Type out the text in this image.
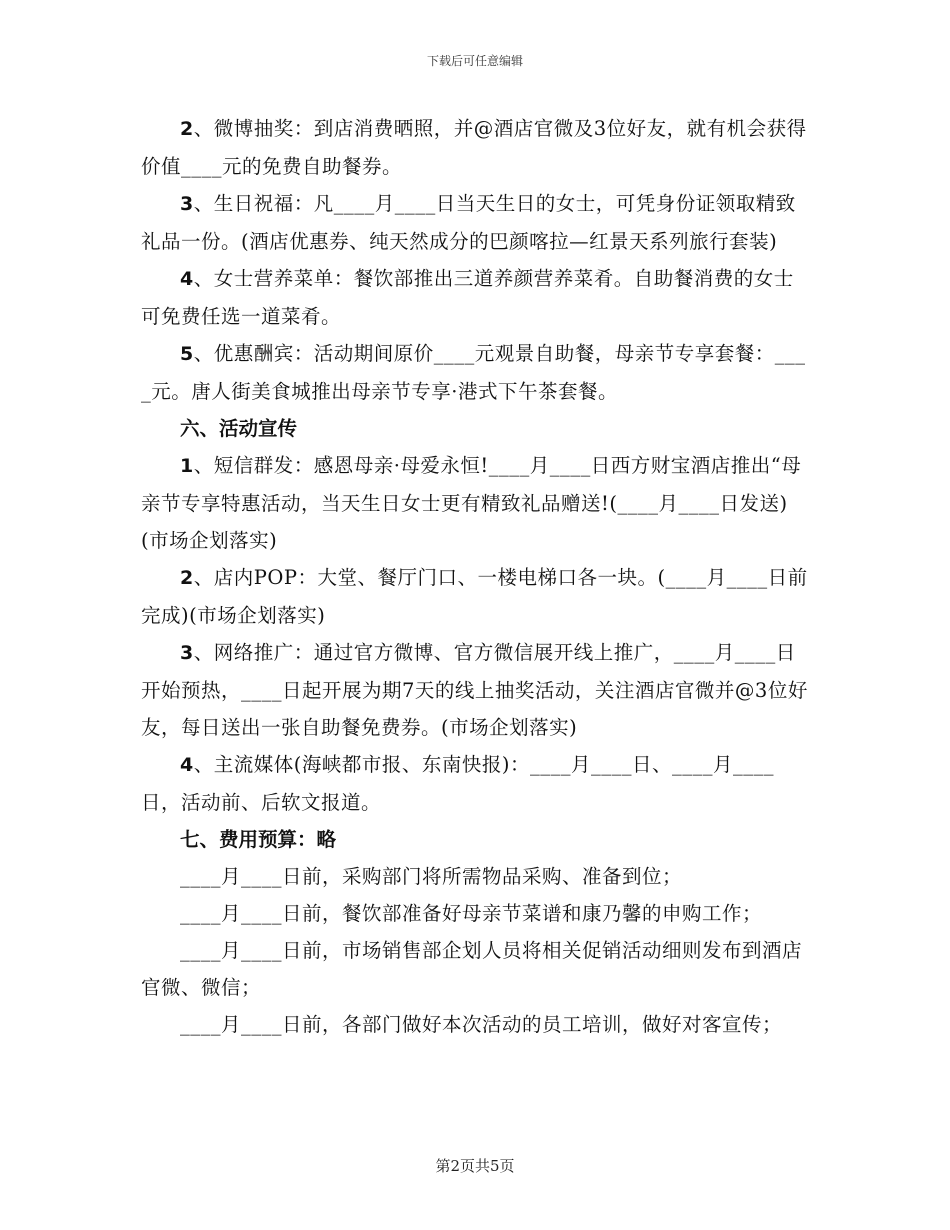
下载后可任意编辑

2、微博抽奖：到店消费晒照，并@酒店官微及3位好友，就有机会获得价值____元的免费自助餐券。

3、生日祝福：凡____月____日当天生日的女士，可凭身份证领取精致礼品一份。(酒店优惠券、纯天然成分的巴颜喀拉—红景天系列旅行套装)

4、女士营养菜单：餐饮部推出三道养颜营养菜肴。自助餐消费的女士可免费任选一道菜肴。

5、优惠酬宾：活动期间原价____元观景自助餐，母亲节专享套餐：____元。唐人街美食城推出母亲节专享·港式下午茶套餐。

六、活动宣传

1、短信群发：感恩母亲·母爱永恒!____月____日西方财宝酒店推出“母亲节专享特惠活动，当天生日女士更有精致礼品赠送!(____月____日发送)(市场企划落实)

2、店内POP：大堂、餐厅门口、一楼电梯口各一块。(____月____日前完成)(市场企划落实)

3、网络推广：通过官方微博、官方微信展开线上推广，____月____日开始预热，____日起开展为期7天的线上抽奖活动，关注酒店官微并@3位好友，每日送出一张自助餐免费券。(市场企划落实)

4、主流媒体(海峡都市报、东南快报)：____月____日、____月____日，活动前、后软文报道。

七、费用预算：略

____月____日前，采购部门将所需物品采购、准备到位；

____月____日前，餐饮部准备好母亲节菜谱和康乃馨的申购工作；

____月____日前，市场销售部企划人员将相关促销活动细则发布到酒店官微、微信；

____月____日前，各部门做好本次活动的员工培训，做好对客宣传；

第2页共5页
